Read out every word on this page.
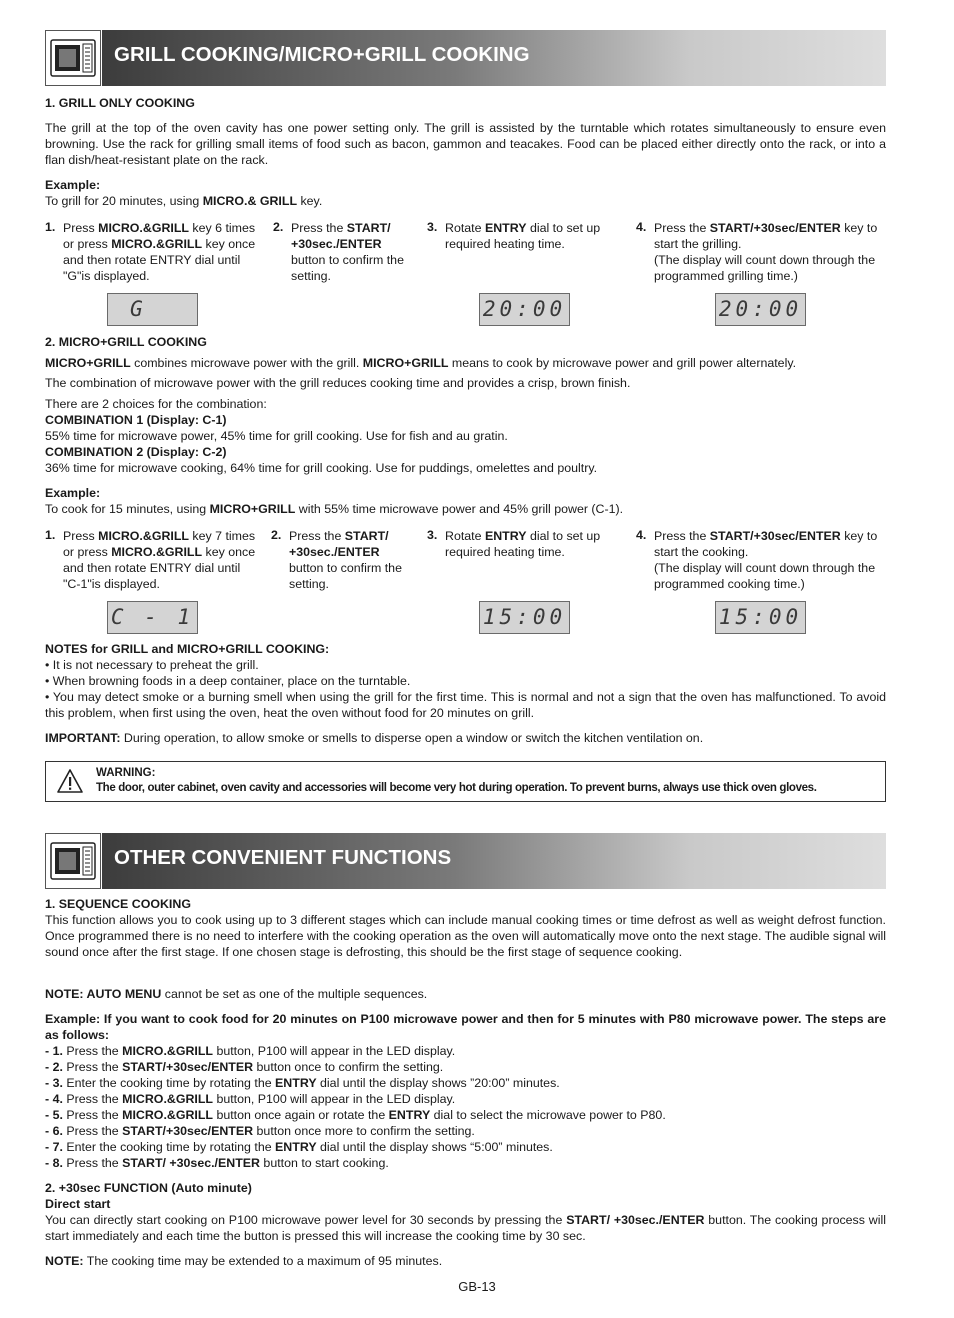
GRILL COOKING/MICRO+GRILL COOKING
1. GRILL ONLY COOKING
The grill at the top of the oven cavity has one power setting only. The grill is assisted by the turntable which rotates simultaneously to ensure even browning. Use the rack for grilling small items of food such as bacon, gammon and teacakes. Food can be placed either directly onto the rack, or into a flan dish/heat-resistant plate on the rack.
Example:
To grill for 20 minutes, using MICRO.& GRILL key.
1. Press MICRO.&GRILL key 6 times or press MICRO.&GRILL key once and then rotate ENTRY dial until "G"is displayed.
2. Press the START/ +30sec./ENTER button to confirm the setting.
3. Rotate ENTRY dial to set up required heating time.
4. Press the START/+30sec/ENTER key to start the grilling.
(The display will count down through the programmed grilling time.)
G	20:00	20:00
2. MICRO+GRILL COOKING
MICRO+GRILL combines microwave power with the grill. MICRO+GRILL means to cook by microwave power and grill power alternately.
The combination of microwave power with the grill reduces cooking time and provides a crisp, brown finish.
There are 2 choices for the combination:
COMBINATION 1 (Display: C-1)
55% time for microwave power, 45% time for grill cooking. Use for fish and au gratin.
COMBINATION 2 (Display: C-2)
36% time for microwave cooking, 64% time for grill cooking. Use for puddings, omelettes and poultry.
Example:
To cook for 15 minutes, using MICRO+GRILL with 55% time microwave power and 45% grill power (C-1).
1. Press MICRO.&GRILL key 7 times or press MICRO.&GRILL key once and then rotate ENTRY dial until "C-1"is displayed.
2. Press the START/ +30sec./ENTER button to confirm the setting.
3. Rotate ENTRY dial to set up required heating time.
4. Press the START/+30sec/ENTER key to start the cooking.
(The display will count down through the programmed cooking time.)
C - 1	15:00	15:00
NOTES for GRILL and MICRO+GRILL COOKING:
• It is not necessary to preheat the grill.
• When browning foods in a deep container, place on the turntable.
• You may detect smoke or a burning smell when using the grill for the first time. This is normal and not a sign that the oven has malfunctioned. To avoid this problem, when first using the oven, heat the oven without food for 20 minutes on grill.
IMPORTANT: During operation, to allow smoke or smells to disperse open a window or switch the kitchen ventilation on.
WARNING:
The door, outer cabinet, oven cavity and accessories will become very hot during operation. To prevent burns, always use thick oven gloves.
OTHER CONVENIENT FUNCTIONS
1. SEQUENCE COOKING
This function allows you to cook using up to 3 different stages which can include manual cooking times or time defrost as well as weight defrost function. Once programmed there is no need to interfere with the cooking operation as the oven will automatically move onto the next stage. The audible signal will sound once after the first stage. If one chosen stage is defrosting, this should be the first stage of sequence cooking.
NOTE: AUTO MENU cannot be set as one of the multiple sequences.
Example: If you want to cook food for 20 minutes on P100 microwave power and then for 5 minutes with P80 microwave power. The steps are as follows:
- 1. Press the MICRO.&GRILL button, P100 will appear in the LED display.
- 2. Press the START/+30sec/ENTER button once to confirm the setting.
- 3. Enter the cooking time by rotating the ENTRY dial until the display shows ”20:00” minutes.
- 4. Press the MICRO.&GRILL button, P100 will appear in the LED display.
- 5. Press the MICRO.&GRILL button once again or rotate the ENTRY dial to select the microwave power to P80.
- 6. Press the START/+30sec/ENTER button once more to confirm the setting.
- 7. Enter the cooking time by rotating the ENTRY dial until the display shows “5:00” minutes.
- 8. Press the START/ +30sec./ENTER button to start cooking.
2. +30sec FUNCTION (Auto minute)
Direct start
You can directly start cooking on P100 microwave power level for 30 seconds by pressing the START/ +30sec./ENTER button. The cooking process will start immediately and each time the button is pressed this will increase the cooking time by 30 sec.
NOTE: The cooking time may be extended to a maximum of 95 minutes.
GB-13
